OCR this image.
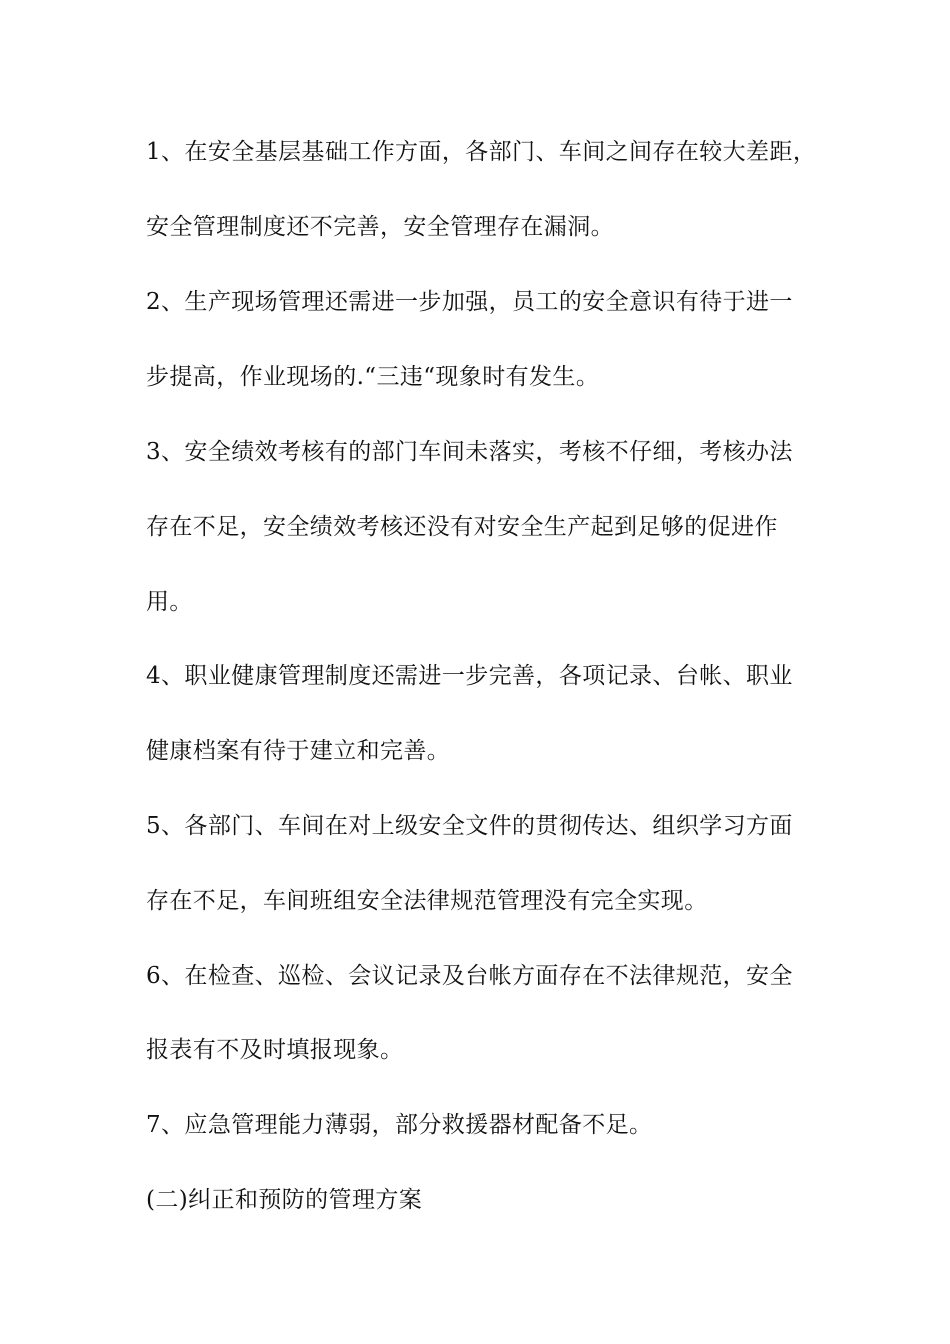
1、在安全基层基础工作方面，各部门、车间之间存在较大差距，

安全管理制度还不完善，安全管理存在漏洞。

2、生产现场管理还需进一步加强，员工的安全意识有待于进一

步提高，作业现场的.“三违“现象时有发生。

3、安全绩效考核有的部门车间未落实，考核不仔细，考核办法

存在不足，安全绩效考核还没有对安全生产起到足够的促进作

用。

4、职业健康管理制度还需进一步完善，各项记录、台帐、职业

健康档案有待于建立和完善。

5、各部门、车间在对上级安全文件的贯彻传达、组织学习方面

存在不足，车间班组安全法律规范管理没有完全实现。

6、在检查、巡检、会议记录及台帐方面存在不法律规范，安全

报表有不及时填报现象。

7、应急管理能力薄弱，部分救援器材配备不足。

(二)纠正和预防的管理方案
